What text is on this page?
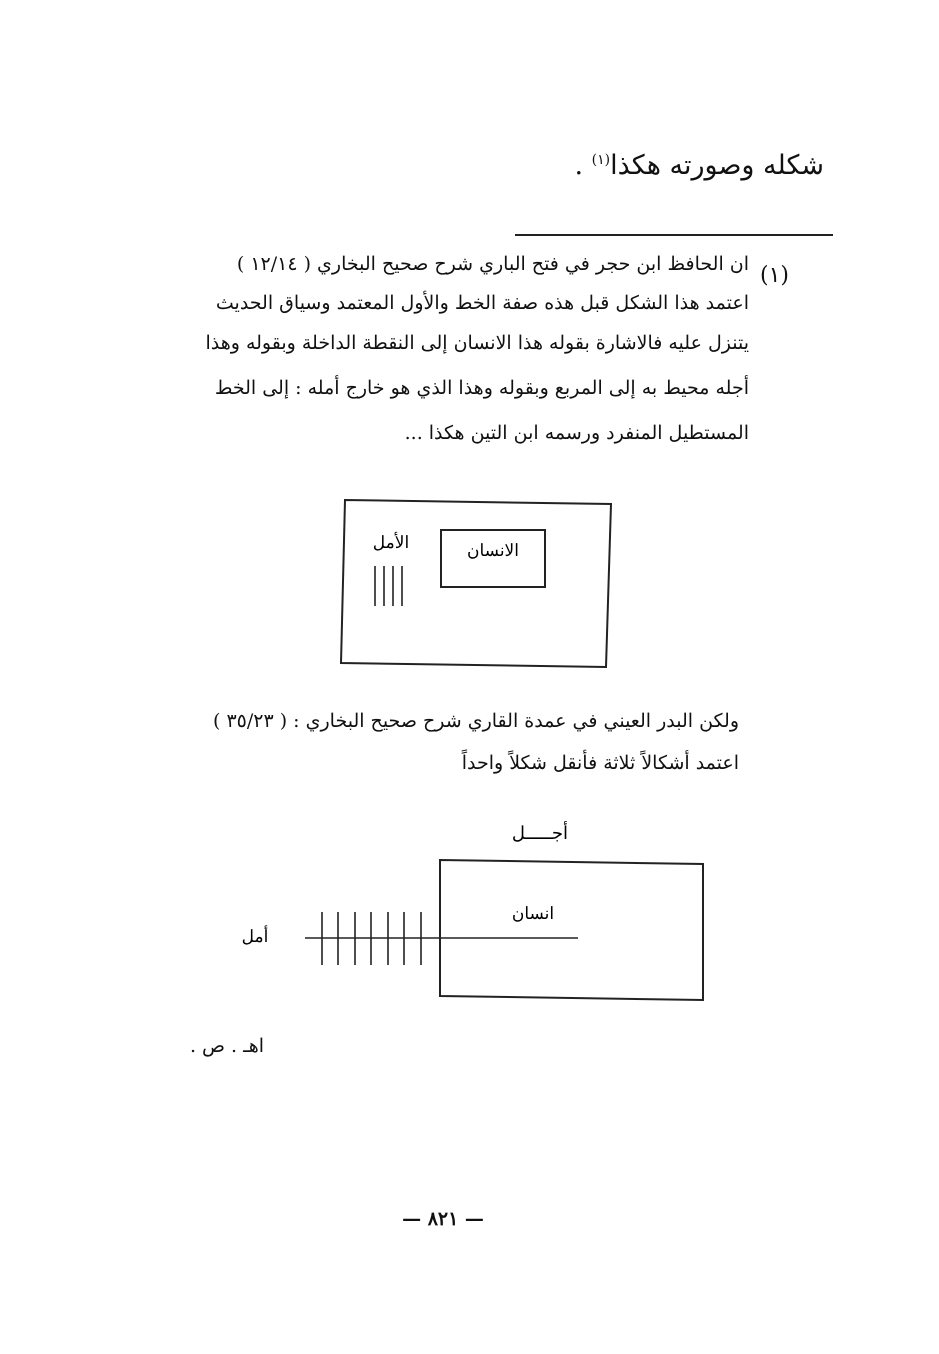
شكله وصورته هكذا$^{(١)}$ .
(١)
ان الحافظ ابن حجر في فتح الباري شرح صحيح البخاري ( ١٢/١٤ )
اعتمد هذا الشكل قبل هذه صفة الخط والأول المعتمد وسياق الحديث
يتنزل عليه فالاشارة بقوله هذا الانسان إلى النقطة الداخلة وبقوله وهذا
أجله محيط به إلى المربع وبقوله وهذا الذي هو خارج أمله : إلى الخط
المستطيل المنفرد ورسمه ابن التين هكذا ...
الانسان
الأمل
ولكن البدر العيني في عمدة القاري شرح صحيح البخاري : ( ٣٥/٢٣ )
اعتمد أشكالاً ثلاثة فأنقل شكلاً واحداً
أجـــــل
انسان
أمل
اهـ . ص .
— ٨٢١ —
